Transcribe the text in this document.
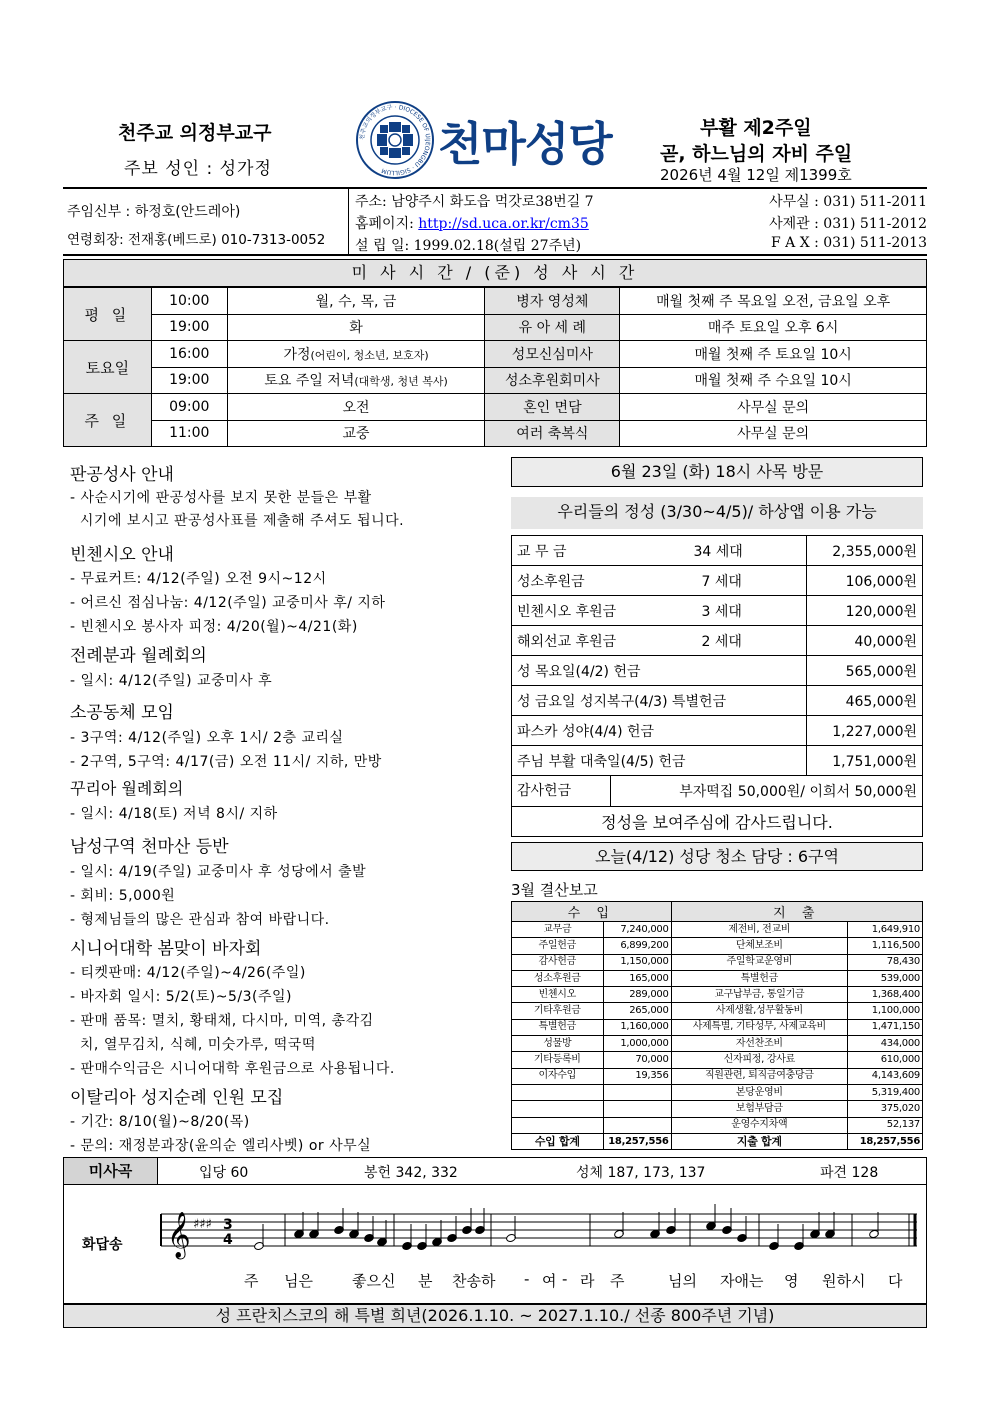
천주교 의정부교구
주보 성인 : 성가정
천주교의정부교구 · DIOCESE OF UIJEONGBU · SIGILLUM	천마성당	부활 제2주일
곧, 하느님의 자비 주일
2026년 4월 12일 제1399호
주임신부 : 하정호(안드레아)
연령회장: 전재홍(베드로) 010-7313-0052
주소: 남양주시 화도읍 먹갓로38번길 7
홈페이지: http://sd.uca.or.kr/cm35
설 립 일: 1999.02.18(설립 27주년)
사무실 : 031) 511-2011
사제관 : 031) 511-2012
F A X : 031) 511-2013
미 사 시 간 / (준) 성 사 시 간
평 일	10:00	월, 수, 목, 금	병자 영성체	매월 첫째 주 목요일 오전, 금요일 오후
	19:00	화	유 아 세 례	매주 토요일 오후 6시
토요일	16:00	가정(어린이, 청소년, 보호자)	성모신심미사	매월 첫째 주 토요일 10시
	19:00	토요 주일 저녁(대학생, 청년 복사)	성소후원회미사	매월 첫째 주 수요일 10시
주 일	09:00	오전	혼인 면담	사무실 문의
	11:00	교중	여러 축복식	사무실 문의
판공성사 안내
- 사순시기에 판공성사를 보지 못한 분들은 부활
시기에 보시고 판공성사표를 제출해 주셔도 됩니다.
빈첸시오 안내
- 무료커트: 4/12(주일) 오전 9시~12시
- 어르신 점심나눔: 4/12(주일) 교중미사 후/ 지하
- 빈첸시오 봉사자 피정: 4/20(월)~4/21(화)
전례분과 월례회의
- 일시: 4/12(주일) 교중미사 후
소공동체 모임
- 3구역: 4/12(주일) 오후 1시/ 2층 교리실
- 2구역, 5구역: 4/17(금) 오전 11시/ 지하, 만방
꾸리아 월례회의
- 일시: 4/18(토) 저녁 8시/ 지하
남성구역 천마산 등반
- 일시: 4/19(주일) 교중미사 후 성당에서 출발
- 회비: 5,000원
- 형제님들의 많은 관심과 참여 바랍니다.
시니어대학 봄맞이 바자회
- 티켓판매: 4/12(주일)~4/26(주일)
- 바자회 일시: 5/2(토)~5/3(주일)
- 판매 품목: 멸치, 황태채, 다시마, 미역, 총각김
치, 열무김치, 식혜, 미숫가루, 떡국떡
- 판매수익금은 시니어대학 후원금으로 사용됩니다.
이탈리아 성지순례 인원 모집
- 기간: 8/10(월)~8/20(목)
- 문의: 재정분과장(윤의순 엘리사벳) or 사무실
6월 23일 (화) 18시 사목 방문
우리들의 정성 (3/30~4/5)/ 하상앱 이용 가능
교 무 금 34 세대	2,355,000원
성소후원금 7 세대	106,000원
빈첸시오 후원금 3 세대	120,000원
해외선교 후원금 2 세대	40,000원
성 목요일(4/2) 헌금	565,000원
성 금요일 성지복구(4/3) 특별헌금	465,000원
파스카 성야(4/4) 헌금	1,227,000원
주님 부활 대축일(4/5) 헌금	1,751,000원

감사헌금 부자떡집 50,000원/ 이희서 50,000원	

정성을 보여주심에 감사드립니다.	
오늘(4/12) 성당 청소 담당 : 6구역
3월 결산보고
수 입		지 출	
교무금	7,240,000	제전비, 전교비	1,649,910
주일헌금	6,899,200	단체보조비	1,116,500
감사헌금	1,150,000	주일학교운영비	78,430
성소후원금	165,000	특별헌금	539,000
빈첸시오	289,000	교구납부금, 통일기금	1,368,400
기타후원금	265,000	사제생활,성무활동비	1,100,000
특별헌금	1,160,000	사제특별, 기타성무, 사제교육비	1,471,150
성물방	1,000,000	자선찬조비	434,000
기타등록비	70,000	신자피정, 강사료	610,000
이자수입	19,356	직원관련, 퇴직금여충당금	4,143,609
		본당운영비	5,319,400
		보험부담금	375,020
		운영수지차액	52,137
수입 합계	18,257,556	지출 합계	18,257,556
미사곡	입당 60	봉헌 342, 332	성체 187, 173, 137	파견 128
화답송 𝄞 ♯♯♯ 3
4
주 님은	좋으신 분 찬송하 - 여 - 라 주	님의 자애는 영 원하시 다
성 프란치스코의 해 특별 희년(2026.1.10. ~ 2027.1.10./ 선종 800주년 기념)
